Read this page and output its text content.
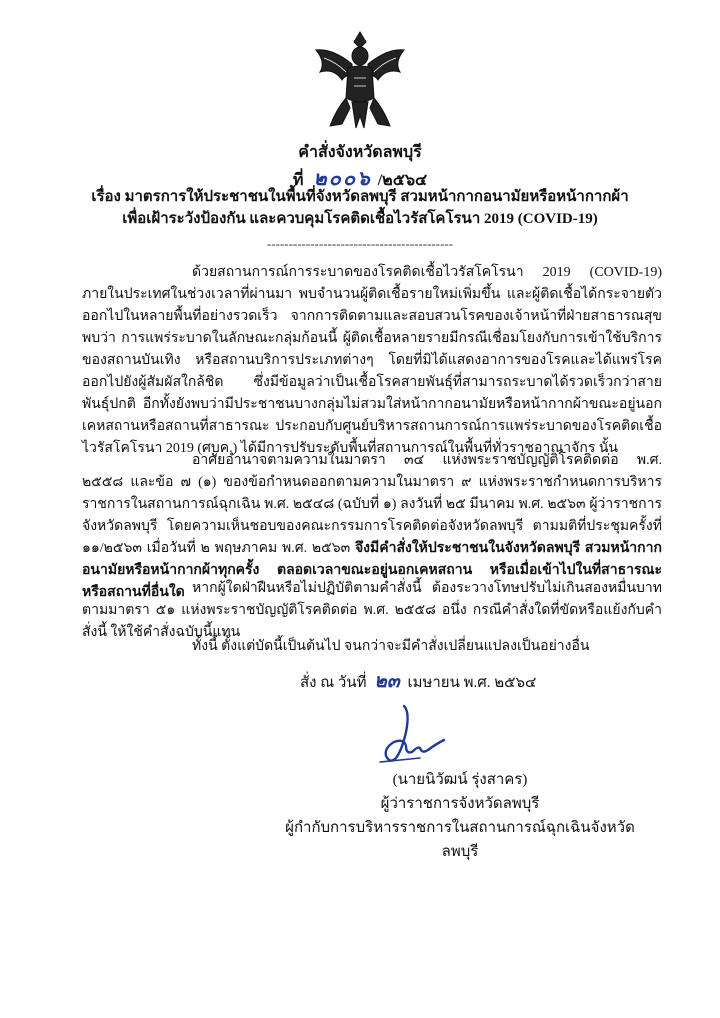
คำสั่งจังหวัดลพบุรี
ที่ ๒๐๐๖ /๒๕๖๔
เรื่อง มาตรการให้ประชาชนในพื้นที่จังหวัดลพบุรี สวมหน้ากากอนามัยหรือหน้ากากผ้า เพื่อเฝ้าระวังป้องกัน และควบคุมโรคติดเชื้อไวรัสโคโรนา 2019 (COVID-19)
-------------------------------------------
ด้วยสถานการณ์การระบาดของโรคติดเชื้อไวรัสโคโรนา 2019 (COVID-19) ภายในประเทศในช่วงเวลาที่ผ่านมา พบจำนวนผู้ติดเชื้อรายใหม่เพิ่มขึ้น และผู้ติดเชื้อได้กระจายตัวออกไปในหลายพื้นที่อย่างรวดเร็ว จากการติดตามและสอบสวนโรคของเจ้าหน้าที่ฝ่ายสาธารณสุขพบว่า การแพร่ระบาดในลักษณะกลุ่มก้อนนี้ ผู้ติดเชื้อหลายรายมีกรณีเชื่อมโยงกับการเข้าใช้บริการของสถานบันเทิง หรือสถานบริการประเภทต่างๆ โดยที่มิได้แสดงอาการของโรคและได้แพร่โรคออกไปยังผู้สัมผัสใกล้ชิด ซึ่งมีข้อมูลว่าเป็นเชื้อโรคสายพันธุ์ที่สามารถระบาดได้รวดเร็วกว่าสายพันธุ์ปกติ อีกทั้งยังพบว่ามีประชาชนบางกลุ่มไม่สวมใส่หน้ากากอนามัยหรือหน้ากากผ้าขณะอยู่นอกเคหสถานหรือสถานที่สาธารณะ ประกอบกับศูนย์บริหารสถานการณ์การแพร่ระบาดของโรคติดเชื้อไวรัสโคโรนา 2019 (ศบค.) ได้มีการปรับระดับพื้นที่สถานการณ์ในพื้นที่ทั่วราชอาณาจักร นั้น
อาศัยอำนาจตามความในมาตรา ๓๔ แห่งพระราชบัญญัติโรคติดต่อ พ.ศ. ๒๕๕๘ และข้อ ๗ (๑) ของข้อกำหนดออกตามความในมาตรา ๙ แห่งพระราชกำหนดการบริหารราชการในสถานการณ์ฉุกเฉิน พ.ศ. ๒๕๔๘ (ฉบับที่ ๑) ลงวันที่ ๒๕ มีนาคม พ.ศ. ๒๕๖๓ ผู้ว่าราชการจังหวัดลพบุรี โดยความเห็นชอบของคณะกรรมการโรคติดต่อจังหวัดลพบุรี ตามมติที่ประชุมครั้งที่ ๑๑/๒๕๖๓ เมื่อวันที่ ๒ พฤษภาคม พ.ศ. ๒๕๖๓ จึงมีคำสั่งให้ประชาชนในจังหวัดลพบุรี สวมหน้ากากอนามัยหรือหน้ากากผ้าทุกครั้ง ตลอดเวลาขณะอยู่นอกเคหสถาน หรือเมื่อเข้าไปในที่สาธารณะ หรือสถานที่อื่นใด หากผู้ใดฝ่าฝืนหรือไม่ปฏิบัติตามคำสั่งนี้ ต้องระวางโทษปรับไม่เกินสองหมื่นบาท ตามมาตรา ๕๑ แห่งพระราชบัญญัติโรคติดต่อ พ.ศ. ๒๕๕๘ อนึ่ง กรณีคำสั่งใดที่ขัดหรือแย้งกับคำสั่งนี้ ให้ใช้คำสั่งฉบับนี้แทน
ทั้งนี้ ตั้งแต่บัดนี้เป็นต้นไป จนกว่าจะมีคำสั่งเปลี่ยนแปลงเป็นอย่างอื่น
สั่ง ณ วันที่ ๒๓ เมษายน พ.ศ. ๒๕๖๔
(นายนิวัฒน์ รุ่งสาคร)
ผู้ว่าราชการจังหวัดลพบุรี
ผู้กำกับการบริหารราชการในสถานการณ์ฉุกเฉินจังหวัดลพบุรี
